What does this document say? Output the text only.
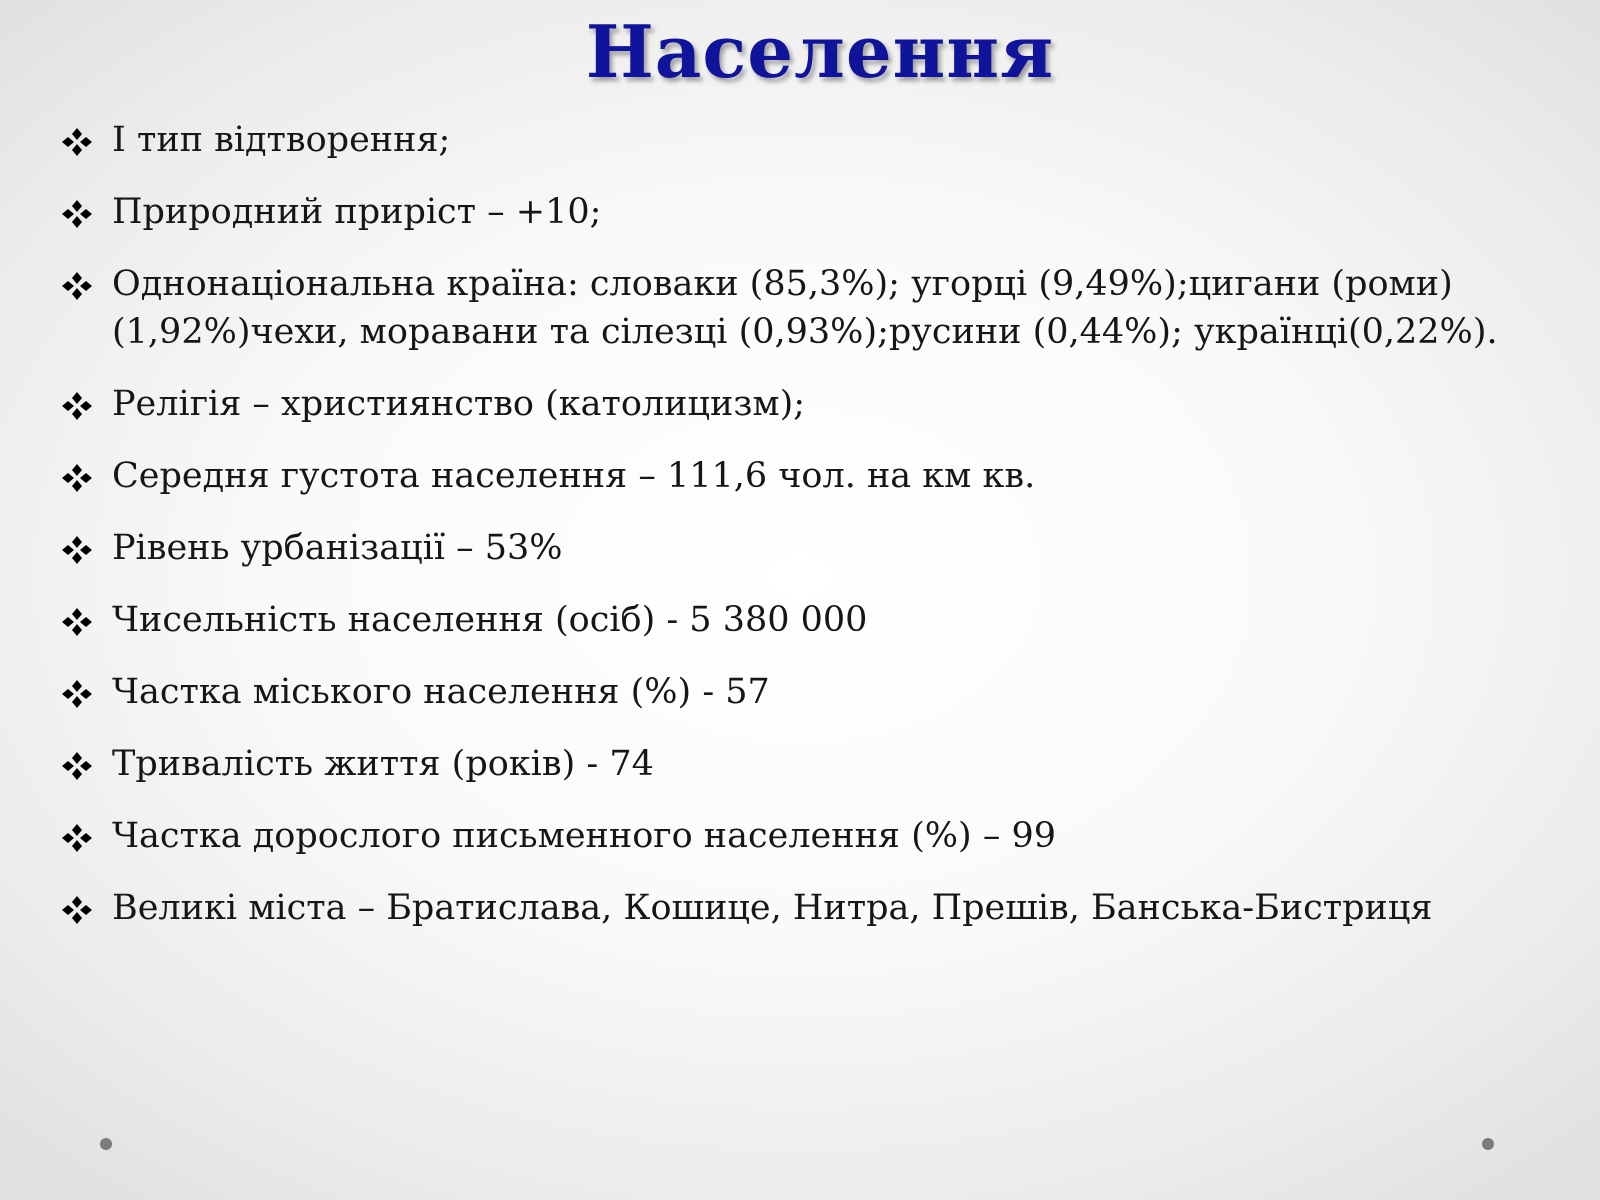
Населення
І тип відтворення;
Природний приріст – +10;
Однонаціональна країна: словаки (85,3%); угорці (9,49%);цигани (роми)(1,92%)чехи, моравани та сілезці (0,93%);русини (0,44%); українці(0,22%).
Релігія – християнство (католицизм);
Середня густота населення – 111,6 чол. на км кв.
Рівень урбанізації – 53%
Чисельність населення (осіб) - 5 380 000
Частка міського населення (%) - 57
Тривалість життя (років) - 74
Частка дорослого письменного населення (%) – 99
Великі міста – Братислава, Кошице, Нитра, Прешів, Банська-Бистриця
